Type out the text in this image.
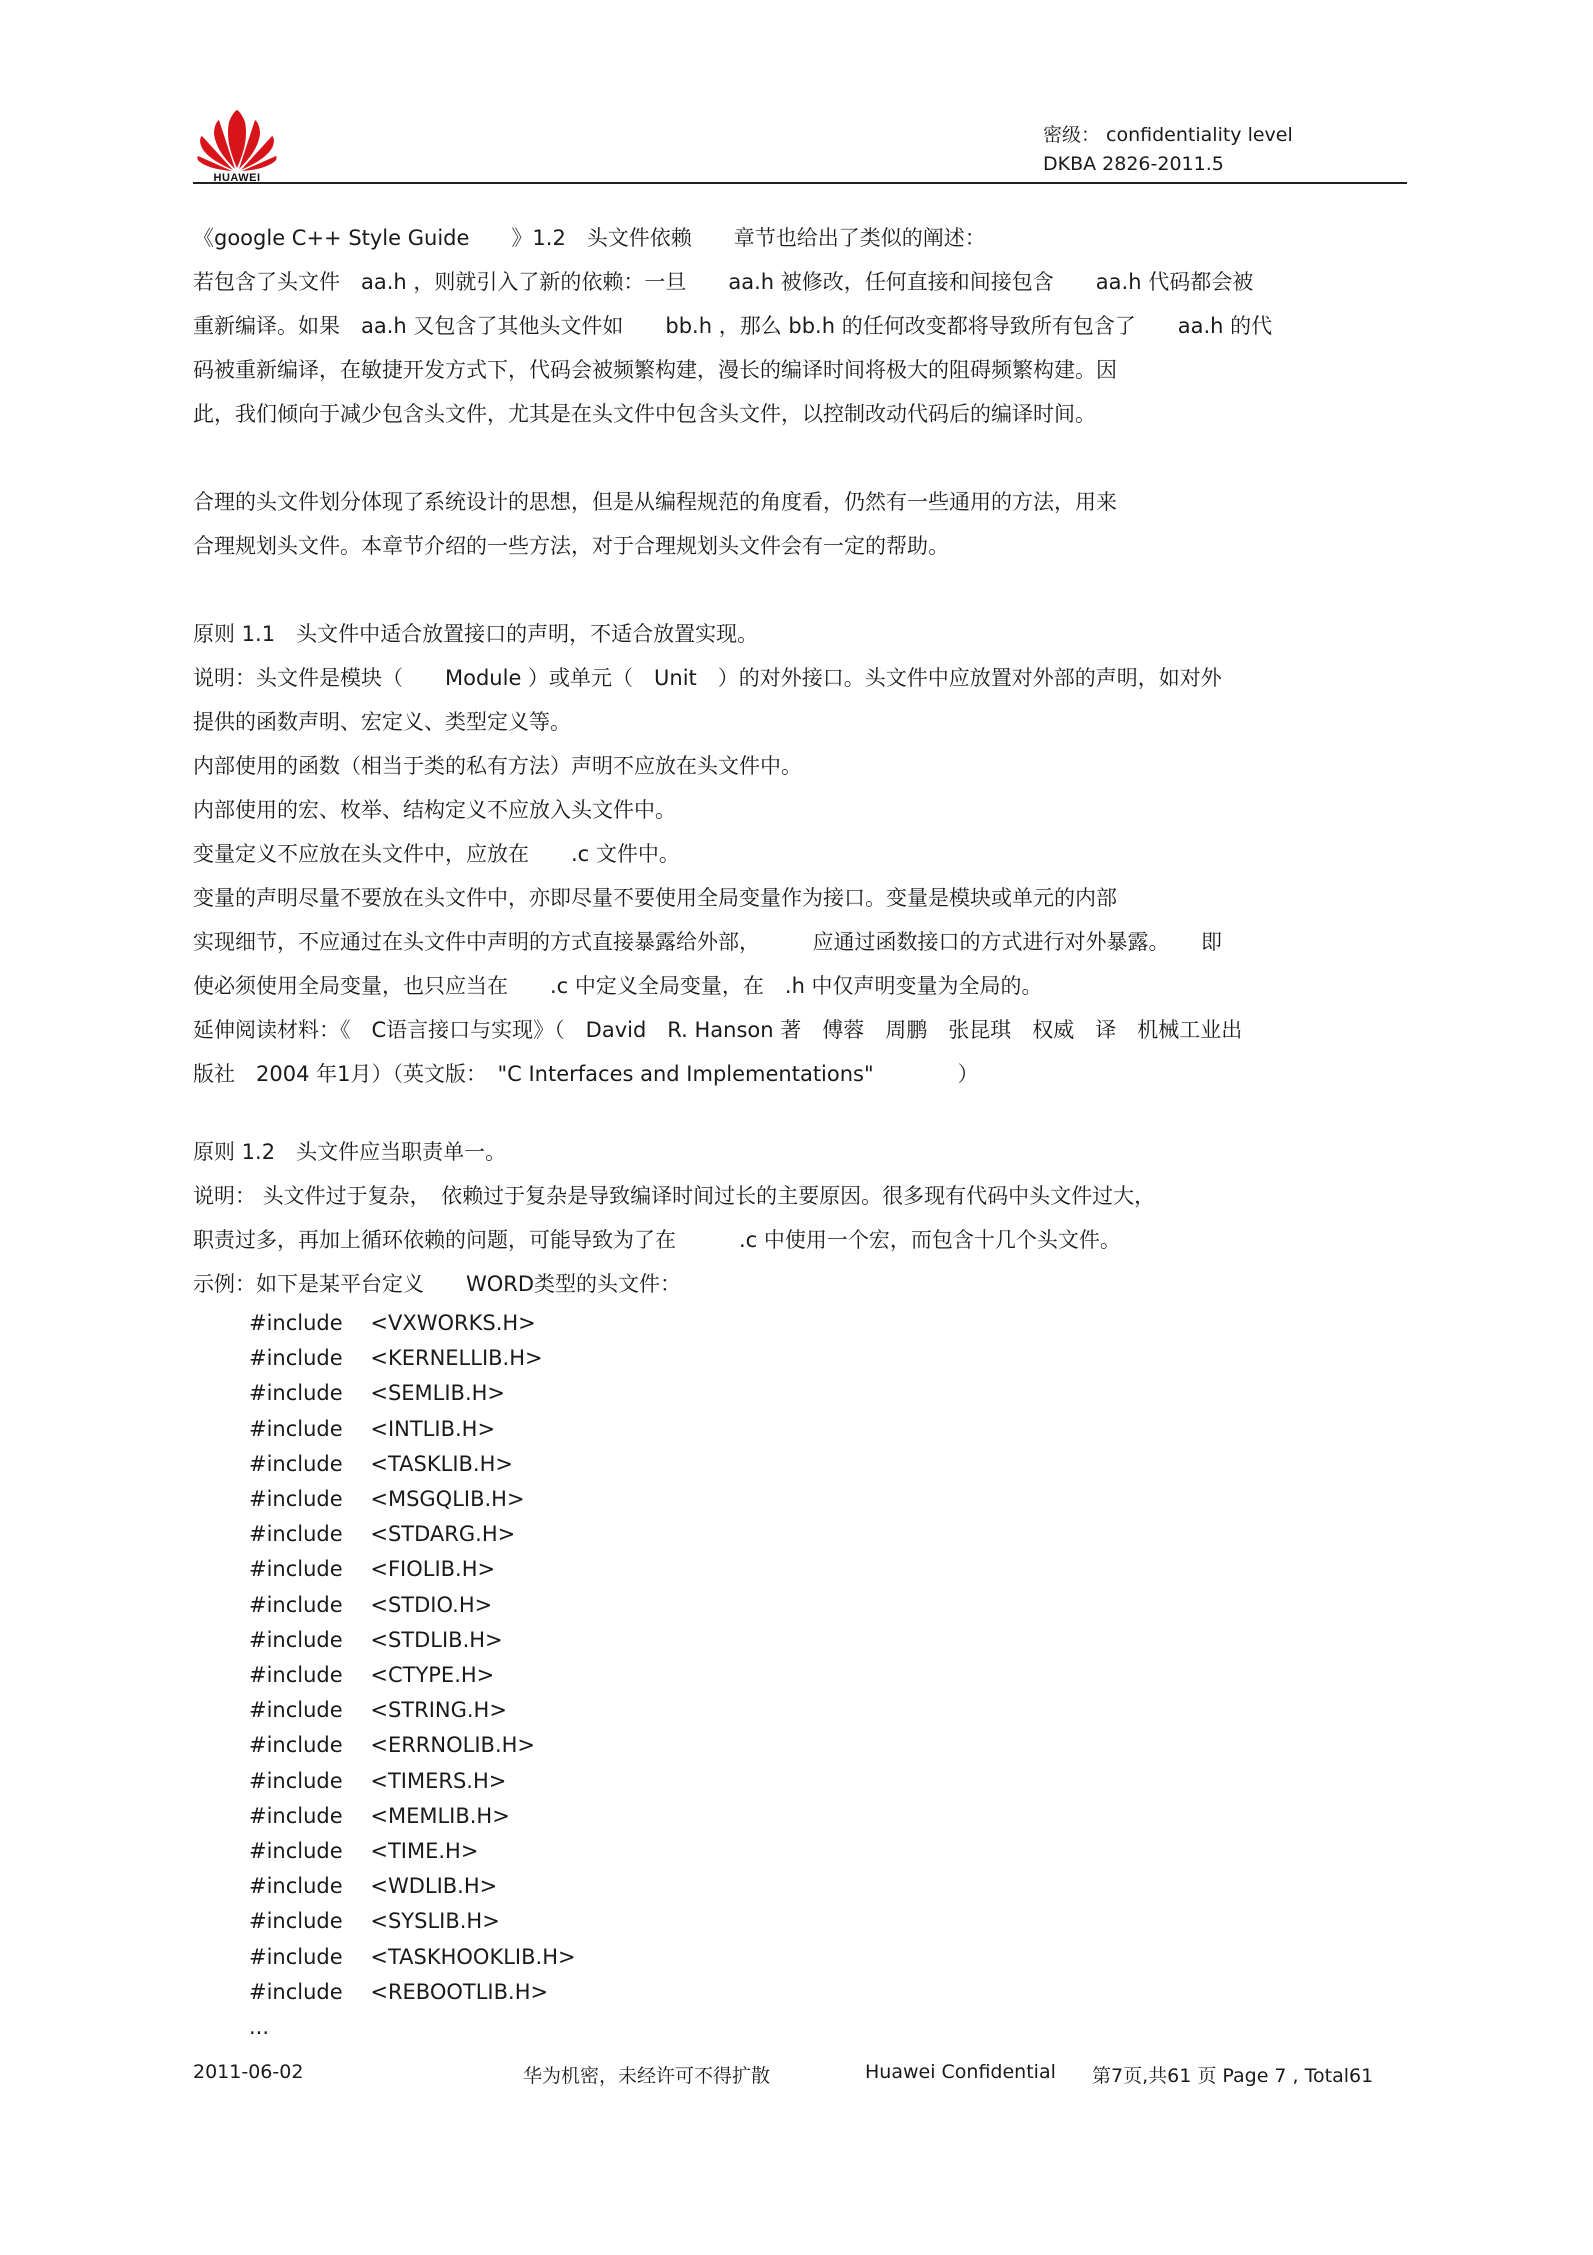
HUAWEI
密级： confidentiality level
DKBA 2826-2011.5
《google C++ Style Guide　　》1.2　头文件依赖　　章节也给出了类似的阐述：
若包含了头文件　aa.h ，则就引入了新的依赖：一旦　　aa.h 被修改，任何直接和间接包含　　aa.h 代码都会被
重新编译。如果　aa.h 又包含了其他头文件如　　bb.h ，那么 bb.h 的任何改变都将导致所有包含了　　aa.h 的代
码被重新编译，在敏捷开发方式下，代码会被频繁构建，漫长的编译时间将极大的阻碍频繁构建。因
此，我们倾向于减少包含头文件，尤其是在头文件中包含头文件，以控制改动代码后的编译时间。
合理的头文件划分体现了系统设计的思想，但是从编程规范的角度看，仍然有一些通用的方法，用来
合理规划头文件。本章节介绍的一些方法，对于合理规划头文件会有一定的帮助。
原则 1.1　头文件中适合放置接口的声明，不适合放置实现。
说明：头文件是模块（　　Module ）或单元（　Unit　）的对外接口。头文件中应放置对外部的声明，如对外
提供的函数声明、宏定义、类型定义等。
内部使用的函数（相当于类的私有方法）声明不应放在头文件中。
内部使用的宏、枚举、结构定义不应放入头文件中。
变量定义不应放在头文件中，应放在　　.c 文件中。
变量的声明尽量不要放在头文件中，亦即尽量不要使用全局变量作为接口。变量是模块或单元的内部
实现细节，不应通过在头文件中声明的方式直接暴露给外部，　　　应通过函数接口的方式进行对外暴露。　　即
使必须使用全局变量，也只应当在　　.c 中定义全局变量，在　.h 中仅声明变量为全局的。
延伸阅读材料：《　C语言接口与实现》（　David　R. Hanson 著　傅蓉　周鹏　张昆琪　权威　译　机械工业出
版社　2004 年1月）（英文版：　"C Interfaces and Implementations"　　　　）
原则 1.2　头文件应当职责单一。
说明： 头文件过于复杂，　依赖过于复杂是导致编译时间过长的主要原因。很多现有代码中头文件过大，
职责过多，再加上循环依赖的问题，可能导致为了在　　　.c 中使用一个宏，而包含十几个头文件。
示例：如下是某平台定义　　WORD类型的头文件：
#include　 <VXWORKS.H>
#include　 <KERNELLIB.H>
#include　 <SEMLIB.H>
#include　 <INTLIB.H>
#include　 <TASKLIB.H>
#include　 <MSGQLIB.H>
#include　 <STDARG.H>
#include　 <FIOLIB.H>
#include　 <STDIO.H>
#include　 <STDLIB.H>
#include　 <CTYPE.H>
#include　 <STRING.H>
#include　 <ERRNOLIB.H>
#include　 <TIMERS.H>
#include　 <MEMLIB.H>
#include　 <TIME.H>
#include　 <WDLIB.H>
#include　 <SYSLIB.H>
#include　 <TASKHOOKLIB.H>
#include　 <REBOOTLIB.H>
...
2011-06-02	华为机密，未经许可不得扩散	Huawei Confidential 第7页,共61 页 Page 7 , Total61
